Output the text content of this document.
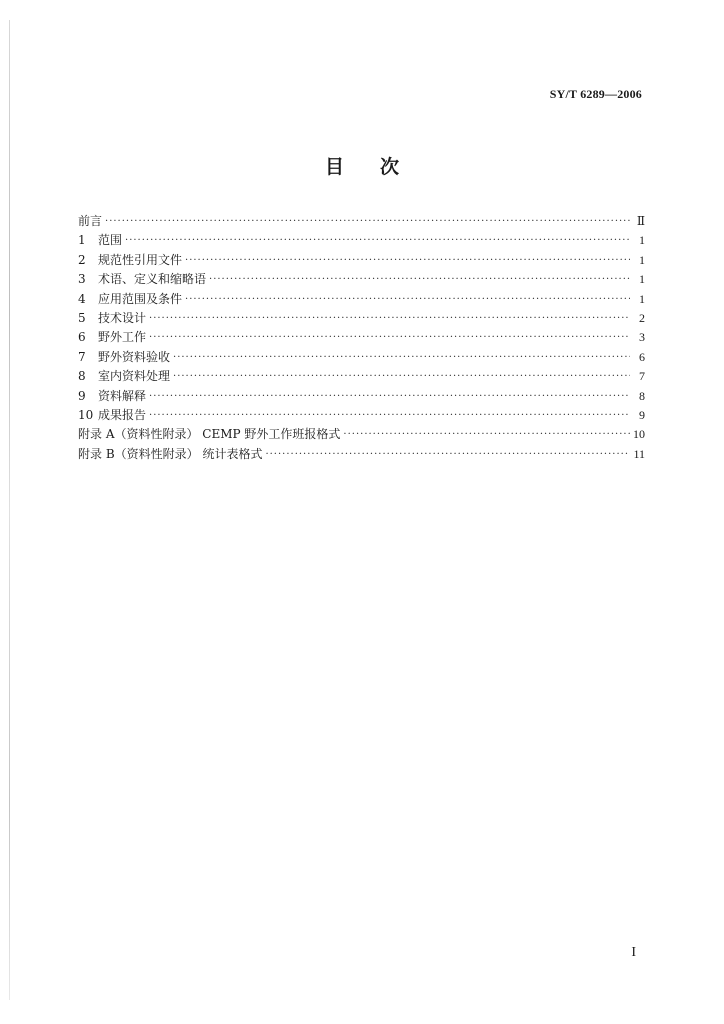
SY/T 6289—2006
目 次
前言 ·····	Ⅱ
1	范围 ·····	1
2	规范性引用文件 ·····	1
3	术语、定义和缩略语 ·····	1
4	应用范围及条件 ·····	1
5	技术设计 ·····	2
6	野外工作 ·····	3
7	野外资料验收 ·····	6
8	室内资料处理 ·····	7
9	资料解释 ·····	8
10 成果报告 ·····	9
附录 A（资料性附录） CEMP 野外工作班报格式 ·····	10
附录 B（资料性附录） 统计表格式 ·····	11
I
